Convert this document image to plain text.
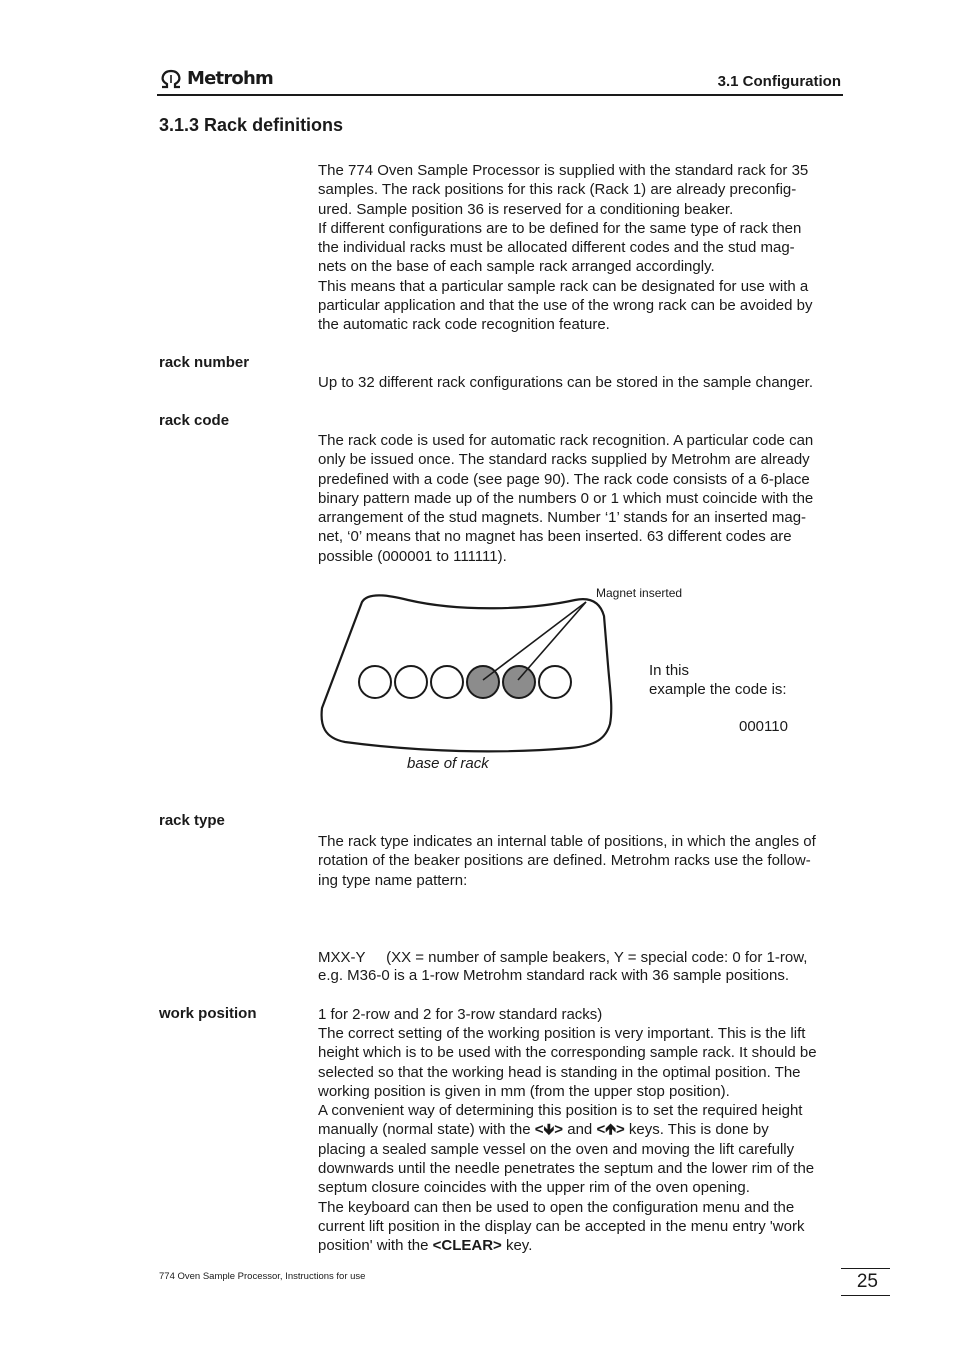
Metrohm	3.1 Configuration
3.1.3 Rack definitions

The 774 Oven Sample Processor is supplied with the standard rack for 35

samples. The rack positions for this rack (Rack 1) are already preconfig-

ured. Sample position 36 is reserved for a conditioning beaker.

If different configurations are to be defined for the same type of rack then

the individual racks must be allocated different codes and the stud mag-

nets on the base of each sample rack arranged accordingly.

This means that a particular sample rack can be designated for use with a

particular application and that the use of the wrong rack can be avoided by

the automatic rack code recognition feature.

rack number

Up to 32 different rack configurations can be stored in the sample changer.

rack code

The rack code is used for automatic rack recognition. A particular code can

only be issued once. The standard racks supplied by Metrohm are already

predefined with a code (see page 90). The rack code consists of a 6-place

binary pattern made up of the numbers 0 or 1 which must coincide with the

arrangement of the stud magnets. Number ‘1’ stands for an inserted mag-

net, ‘0’ means that no magnet has been inserted. 63 different codes are

possible (000001 to 111111).

Magnet inserted
In this
example the code is:
000110
base of rack
rack type

The rack type indicates an internal table of positions, in which the angles of

rotation of the beaker positions are defined. Metrohm racks use the follow-

ing type name pattern:

MXX-Y     (XX = number of sample beakers, Y = special code: 0 for 1-row,

1 for 2-row and 2 for 3-row standard racks)

e.g. M36-0 is a 1-row Metrohm standard rack with 36 sample positions.

work position

The correct setting of the working position is very important. This is the lift

height which is to be used with the corresponding sample rack. It should be

selected so that the working head is standing in the optimal position. The

working position is given in mm (from the upper stop position).

A convenient way of determining this position is to set the required height

manually (normal state) with the <🡻> and <🡹> keys. This is done by

placing a sealed sample vessel on the oven and moving the lift carefully

downwards until the needle penetrates the septum and the lower rim of the

septum closure coincides with the upper rim of the oven opening.

The keyboard can then be used to open the configuration menu and the

current lift position in the display can be accepted in the menu entry 'work

position' with the <CLEAR> key.

774 Oven Sample Processor, Instructions for use	25
